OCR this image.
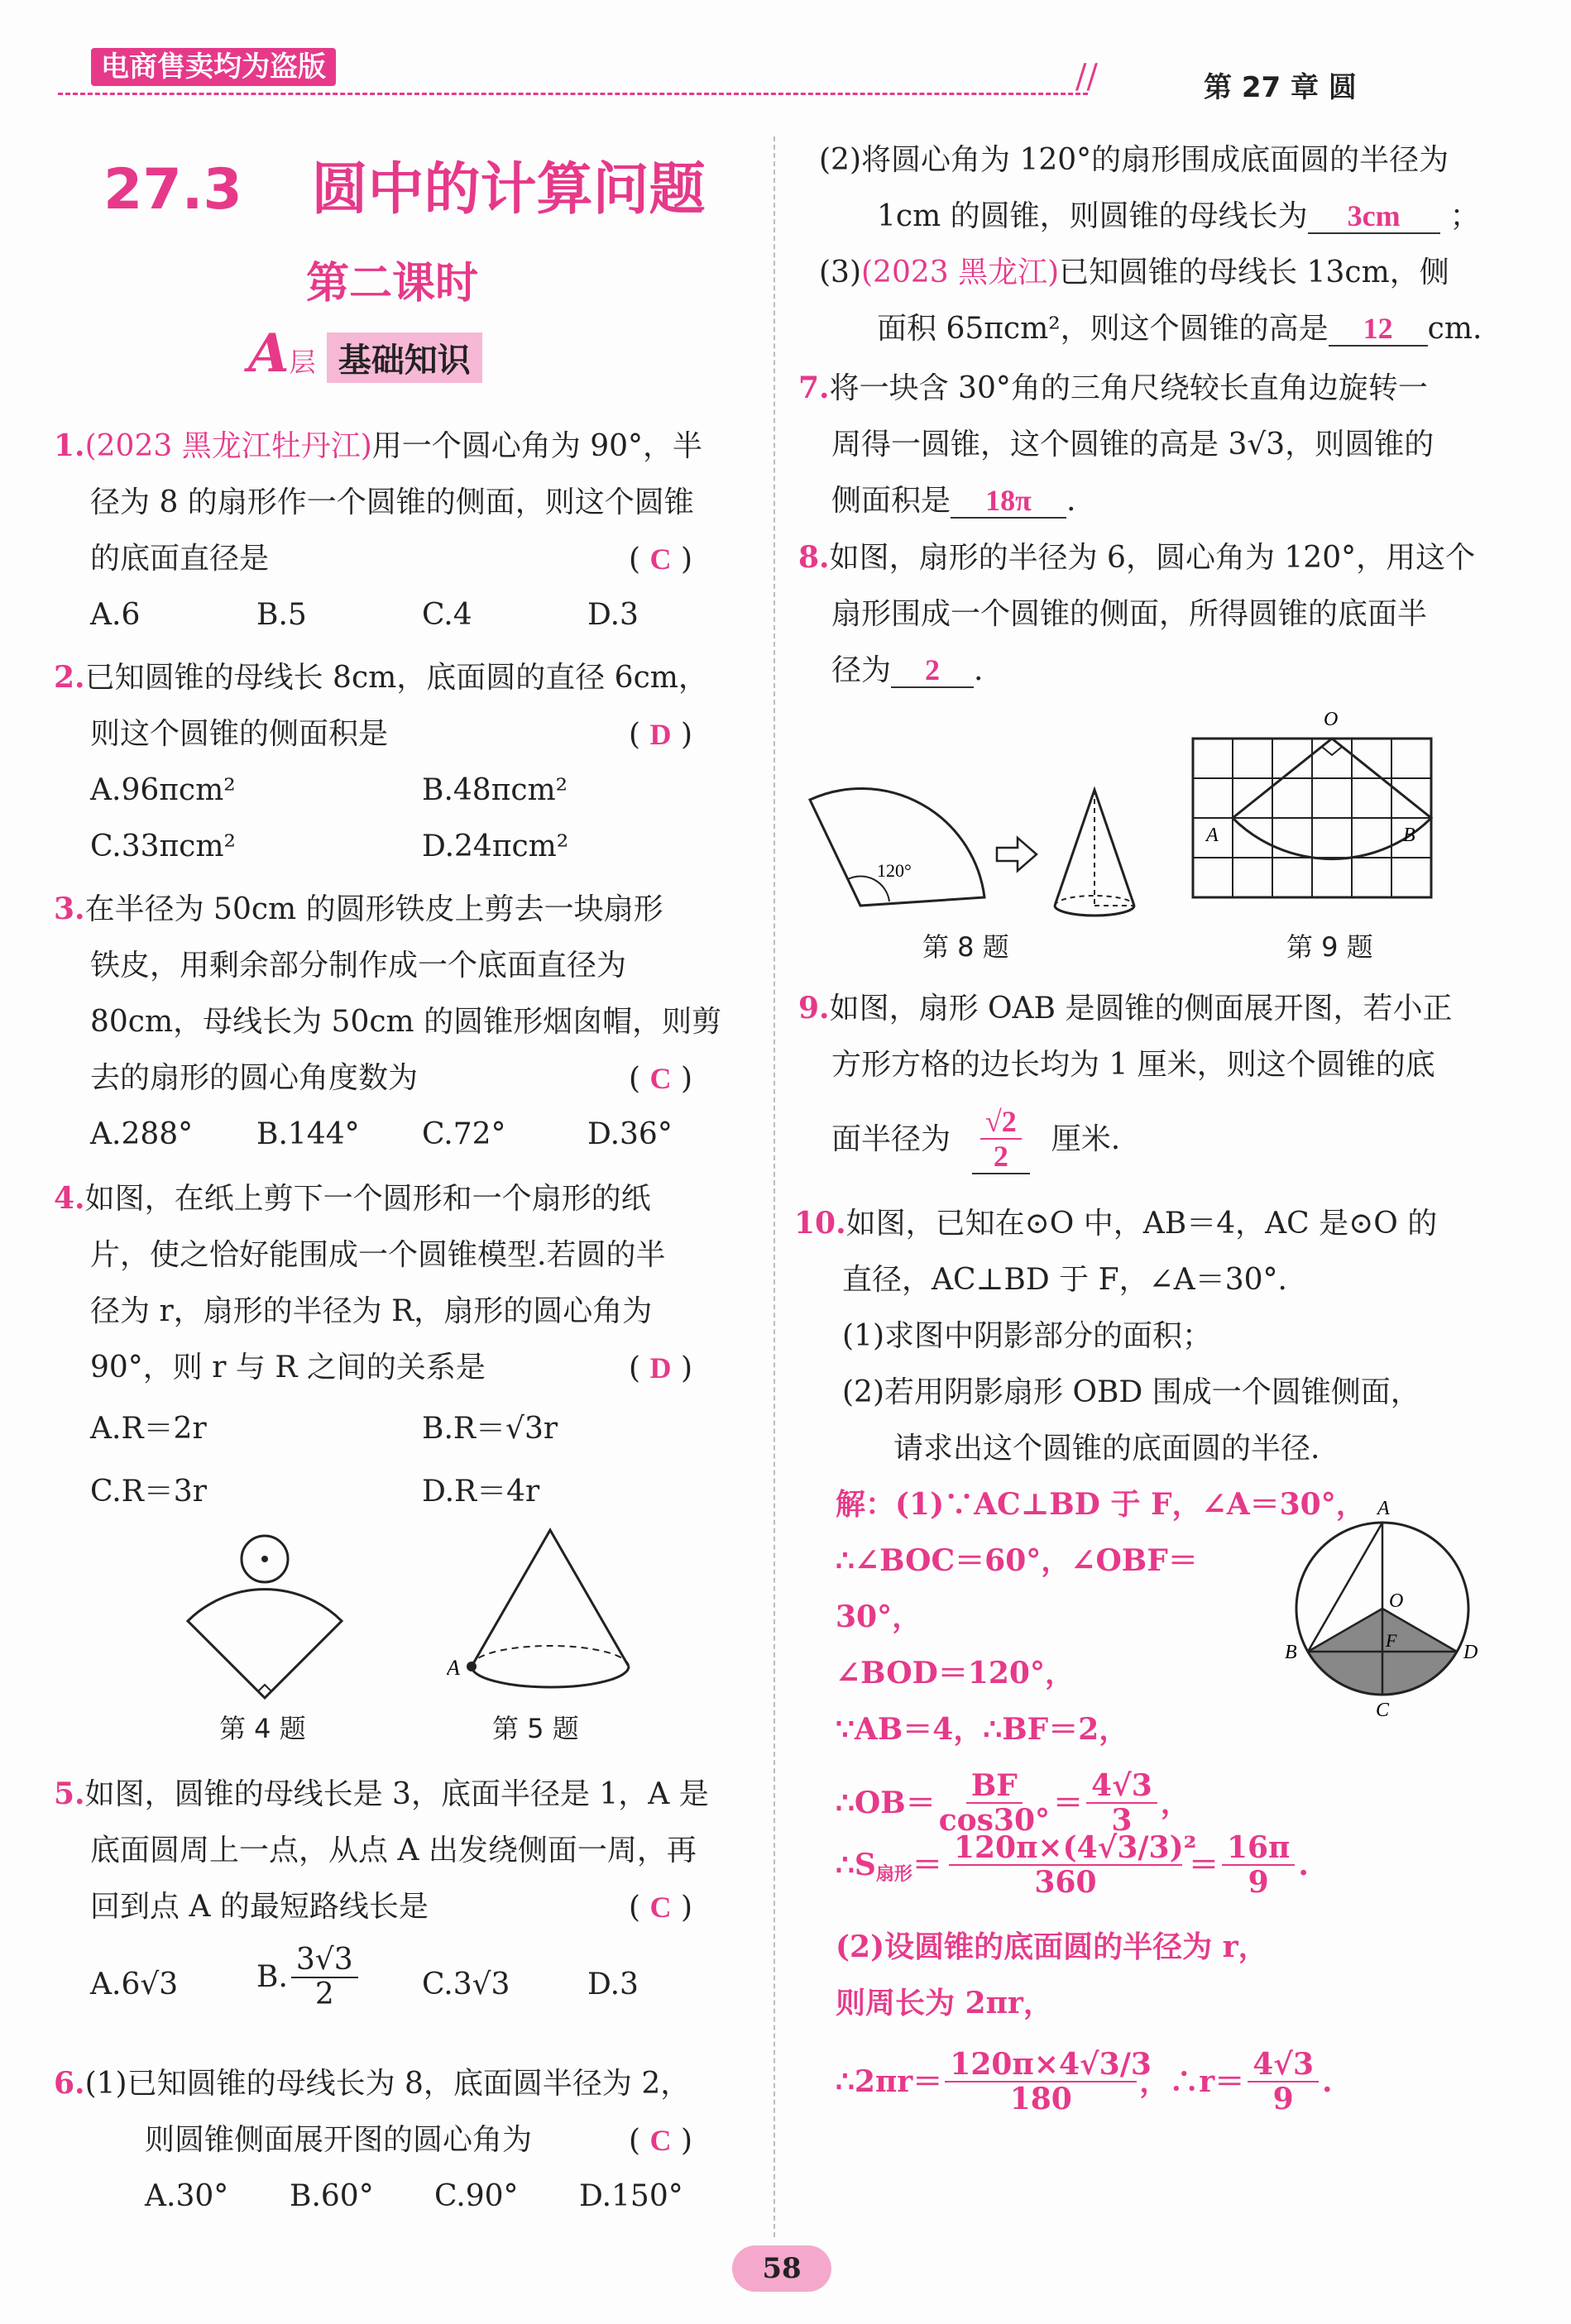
电商售卖均为盗版	//	第 27 章 圆
27.3 圆中的计算问题
第二课时
A层 基础知识
1.(2023 黑龙江牡丹江)用一个圆心角为 90°，半
径为 8 的扇形作一个圆锥的侧面，则这个圆锥
的底面直径是	( C )
A.6	B.5	C.4	D.3
2.已知圆锥的母线长 8cm，底面圆的直径 6cm，
则这个圆锥的侧面积是	( D )
A.96πcm²	B.48πcm²
C.33πcm²	D.24πcm²
3.在半径为 50cm 的圆形铁皮上剪去一块扇形
铁皮，用剩余部分制作成一个底面直径为
80cm，母线长为 50cm 的圆锥形烟囱帽，则剪
去的扇形的圆心角度数为	( C )
A.288° B.144° C.72°	D.36°
4.如图，在纸上剪下一个圆形和一个扇形的纸
片，使之恰好能围成一个圆锥模型.若圆的半
径为 r，扇形的半径为 R，扇形的圆心角为
90°，则 r 与 R 之间的关系是	( D )
A.R＝2r	B.R＝√3r
C.R＝3r	D.R＝4r
第 4 题
A
第 5 题
5.如图，圆锥的母线长是 3，底面半径是 1，A 是
底面圆周上一点，从点 A 出发绕侧面一周，再
回到点 A 的最短路线长是	( C )
A.6√3	B. $\frac{3√3}{2} C.3√3$	D.3
6.(1)已知圆锥的母线长为 8，底面圆半径为 2，
则圆锥侧面展开图的圆心角为	( C )
A.30° B.60° C.90° D.150°
(2)将圆心角为 120°的扇形围成底面圆的半径为
1cm 的圆锥，则圆锥的母线长为 3cm ；
(3)(2023 黑龙江)已知圆锥的母线长 13cm，侧
面积 65πcm²，则这个圆锥的高是 12 cm.
7.将一块含 30°角的三角尺绕较长直角边旋转一
周得一圆锥，这个圆锥的高是 3√3，则圆锥的
侧面积是 18π .
8.如图，扇形的半径为 6，圆心角为 120°，用这个
扇形围成一个圆锥的侧面，所得圆锥的底面半
径为 2 .
120°
第 8 题
O
A	B
第 9 题
9.如图，扇形 OAB 是圆锥的侧面展开图，若小正
方形方格的边长均为 1 厘米，则这个圆锥的底
面半径为 $\frac{√2}{2}$ 厘米.
10.如图，已知在⊙O 中，AB＝4，AC 是⊙O 的
直径，AC⊥BD 于 F，∠A＝30°.
(1)求图中阴影部分的面积；
(2)若用阴影扇形 OBD 围成一个圆锥侧面，
请求出这个圆锥的底面圆的半径.
A
O
B	D
F
C
解：(1)∵AC⊥BD 于 F，∠A＝30°，
∴∠BOC＝60°，∠OBF＝30°，
∠BOD＝120°，
∵AB＝4，∴BF＝2，
∴OB＝ $\frac{BF}{\cos 30^\circ} = \frac{4√3}{3}$ ，
∴S 扇形 ＝ $\frac{\text{120π×(4√3/3)²}}{360} = \frac{16\pi}{9}$ .
(2)设圆锥的底面圆的半径为 r，
则周长为 2πr，
∴2πr＝ $\frac{120\pi\times 4√3/3}{180}$ ，∴r＝ $\frac{4√3}{9}$ .
58
